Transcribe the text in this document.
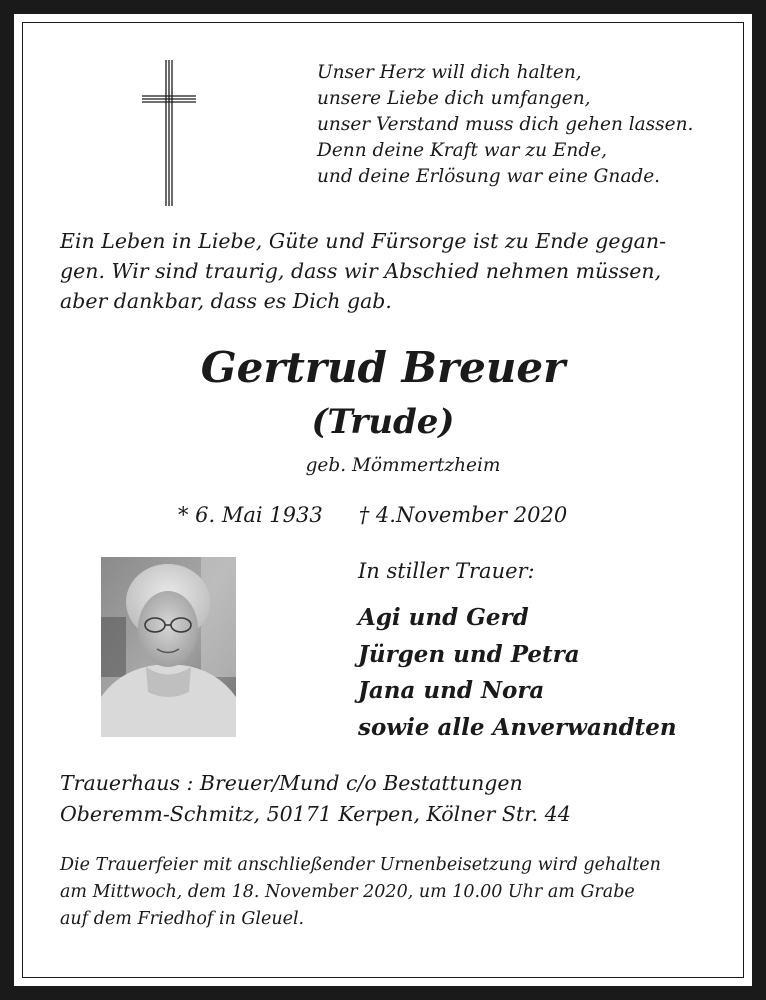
Unser Herz will dich halten,
unsere Liebe dich umfangen,
unser Verstand muss dich gehen lassen.
Denn deine Kraft war zu Ende,
und deine Erlösung war eine Gnade.
Ein Leben in Liebe, Güte und Fürsorge ist zu Ende gegan-
gen. Wir sind traurig, dass wir Abschied nehmen müssen,
aber dankbar, dass es Dich gab.
Gertrud Breuer
(Trude)
geb. Mömmertzheim
* 6. Mai 1933 † 4.November 2020
In stiller Trauer:
Agi und Gerd
Jürgen und Petra
Jana und Nora
sowie alle Anverwandten
Trauerhaus : Breuer/Mund c/o Bestattungen
Oberemm-Schmitz, 50171 Kerpen, Kölner Str. 44
Die Trauerfeier mit anschließender Urnenbeisetzung wird gehalten
am Mittwoch, dem 18. November 2020, um 10.00 Uhr am Grabe
auf dem Friedhof in Gleuel.
